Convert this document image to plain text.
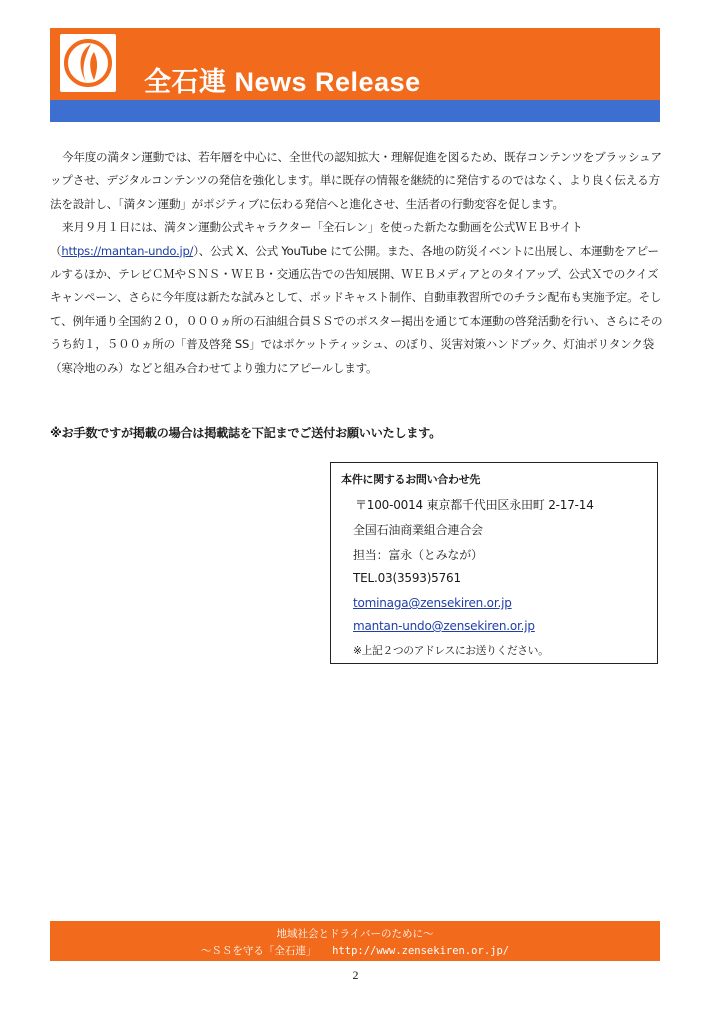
全石連 News Release

今年度の満タン運動では、若年層を中心に、全世代の認知拡大・理解促進を図るため、既存コンテンツをブラッシュアップさせ、デジタルコンテンツの発信を強化します。単に既存の情報を継続的に発信するのではなく、より良く伝える方法を設計し、「満タン運動」がポジティブに伝わる発信へと進化させ、生活者の行動変容を促します。

来月９月１日には、満タン運動公式キャラクター「全石レン」を使った新たな動画を公式ＷＥＢサイト（https://mantan-undo.jp/）、公式 X、公式 YouTube にて公開。また、各地の防災イベントに出展し、本運動をアピールするほか、テレビＣＭやＳＮＳ・ＷＥＢ・交通広告での告知展開、ＷＥＢメディアとのタイアップ、公式Ｘでのクイズキャンペーン、さらに今年度は新たな試みとして、ポッドキャスト制作、自動車教習所でのチラシ配布も実施予定。そして、例年通り全国約２０，０００ヵ所の石油組合員ＳＳでのポスター掲出を通じて本運動の啓発活動を行い、さらにそのうち約１，５００ヵ所の「普及啓発 SS」ではポケットティッシュ、のぼり、災害対策ハンドブック、灯油ポリタンク袋（寒冷地のみ）などと組み合わせてより強力にアピールします。

※お手数ですが掲載の場合は掲載誌を下記までご送付お願いいたします。
本件に関するお問い合わせ先
〒100-0014 東京都千代田区永田町 2-17-14
全国石油商業組合連合会
担当：富永（とみなが）
TEL.03(3593)5761
tominaga@zensekiren.or.jp
mantan-undo@zensekiren.or.jp
※上記２つのアドレスにお送りください。
地域社会とドライバーのために～
～ＳＳを守る「全石連」　　http://www.zensekiren.or.jp/
2
